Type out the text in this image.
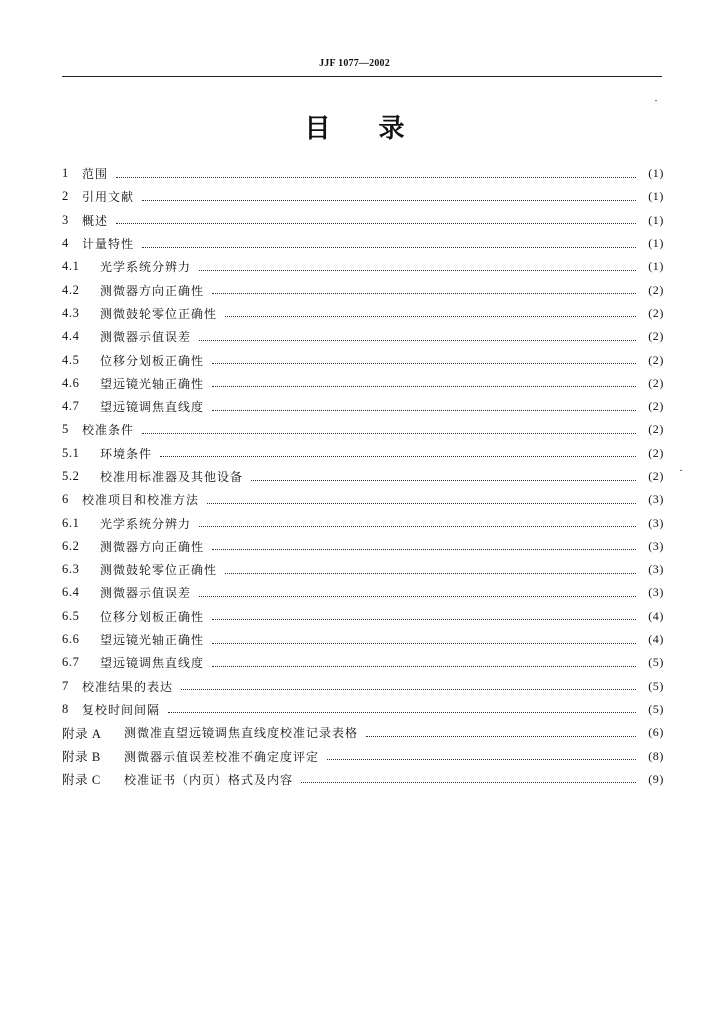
JJF 1077—2002
目 录
1	范围	(1)
2	引用文献	(1)
3	概述	(1)
4	计量特性	(1)
4.1	光学系统分辨力	(1)
4.2	测微器方向正确性	(2)
4.3	测微鼓轮零位正确性	(2)
4.4	测微器示值误差	(2)
4.5	位移分划板正确性	(2)
4.6	望远镜光轴正确性	(2)
4.7	望远镜调焦直线度	(2)
5	校准条件	(2)
5.1	环境条件	(2)
5.2	校准用标准器及其他设备	(2)
6	校准项目和校准方法	(3)
6.1	光学系统分辨力	(3)
6.2	测微器方向正确性	(3)
6.3	测微鼓轮零位正确性	(3)
6.4	测微器示值误差	(3)
6.5	位移分划板正确性	(4)
6.6	望远镜光轴正确性	(4)
6.7	望远镜调焦直线度	(5)
7	校准结果的表达	(5)
8	复校时间间隔	(5)
附录 A	测微准直望远镜调焦直线度校准记录表格	(6)
附录 B	测微器示值误差校准不确定度评定	(8)
附录 C	校准证书（内页）格式及内容	(9)
